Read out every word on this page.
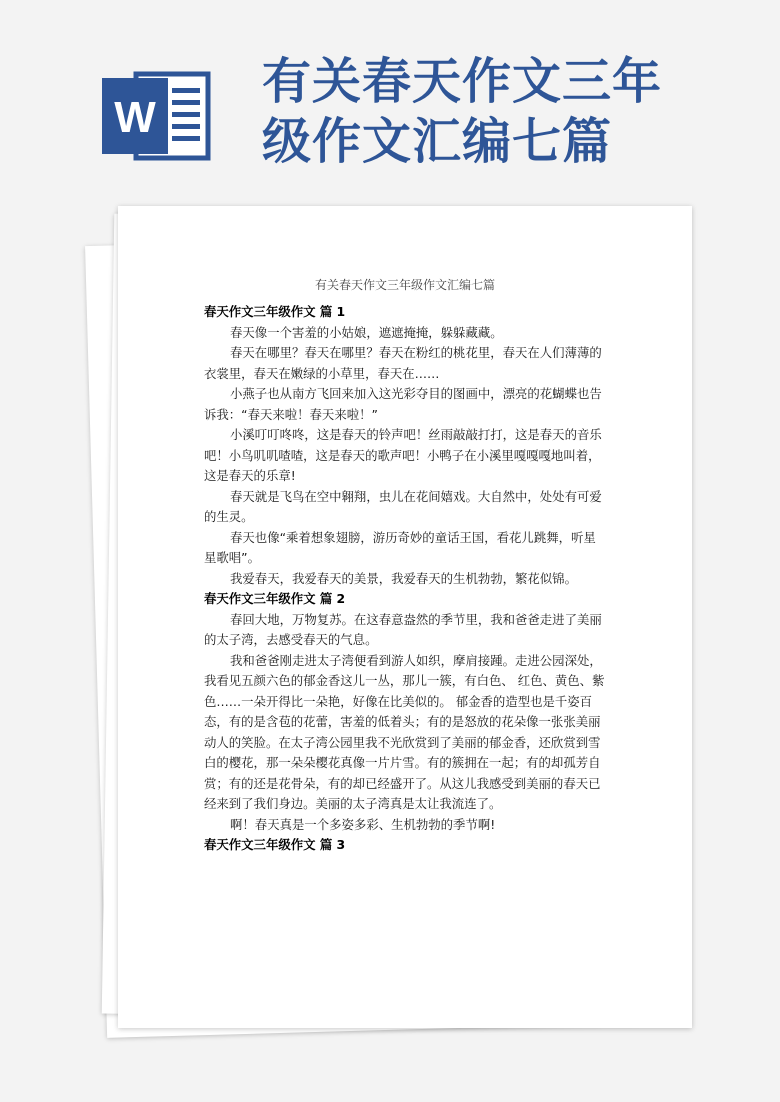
W
有关春天作文三年
级作文汇编七篇
有关春天作文三年级作文汇编七篇
春天作文三年级作文 篇 1

春天像一个害羞的小姑娘，遮遮掩掩，躲躲藏藏。

春天在哪里？春天在哪里？春天在粉红的桃花里，春天在人们薄薄的衣裳里，春天在嫩绿的小草里，春天在……

小燕子也从南方飞回来加入这光彩夺目的图画中，漂亮的花蝴蝶也告诉我：“春天来啦！春天来啦！”

小溪叮叮咚咚，这是春天的铃声吧！丝雨敲敲打打，这是春天的音乐吧！小鸟叽叽喳喳，这是春天的歌声吧！小鸭子在小溪里嘎嘎嘎地叫着，这是春天的乐章!

春天就是飞鸟在空中翱翔，虫儿在花间嬉戏。大自然中，处处有可爱的生灵。

春天也像“乘着想象翅膀，游历奇妙的童话王国，看花儿跳舞，听星星歌唱”。

我爱春天，我爱春天的美景，我爱春天的生机勃勃，繁花似锦。

春天作文三年级作文 篇 2

春回大地，万物复苏。在这春意盎然的季节里，我和爸爸走进了美丽的太子湾，去感受春天的气息。

我和爸爸刚走进太子湾便看到游人如织，摩肩接踵。走进公园深处，我看见五颜六色的郁金香这儿一丛，那儿一簇，有白色、 红色、黄色、紫色……一朵开得比一朵艳，好像在比美似的。 郁金香的造型也是千姿百态，有的是含苞的花蕾，害羞的低着头；有的是怒放的花朵像一张张美丽动人的笑脸。在太子湾公园里我不光欣赏到了美丽的郁金香，还欣赏到雪白的樱花，那一朵朵樱花真像一片片雪。有的簇拥在一起；有的却孤芳自赏；有的还是花骨朵，有的却已经盛开了。从这儿我感受到美丽的春天已经来到了我们身边。美丽的太子湾真是太让我流连了。

啊！春天真是一个多姿多彩、生机勃勃的季节啊!

春天作文三年级作文 篇 3
